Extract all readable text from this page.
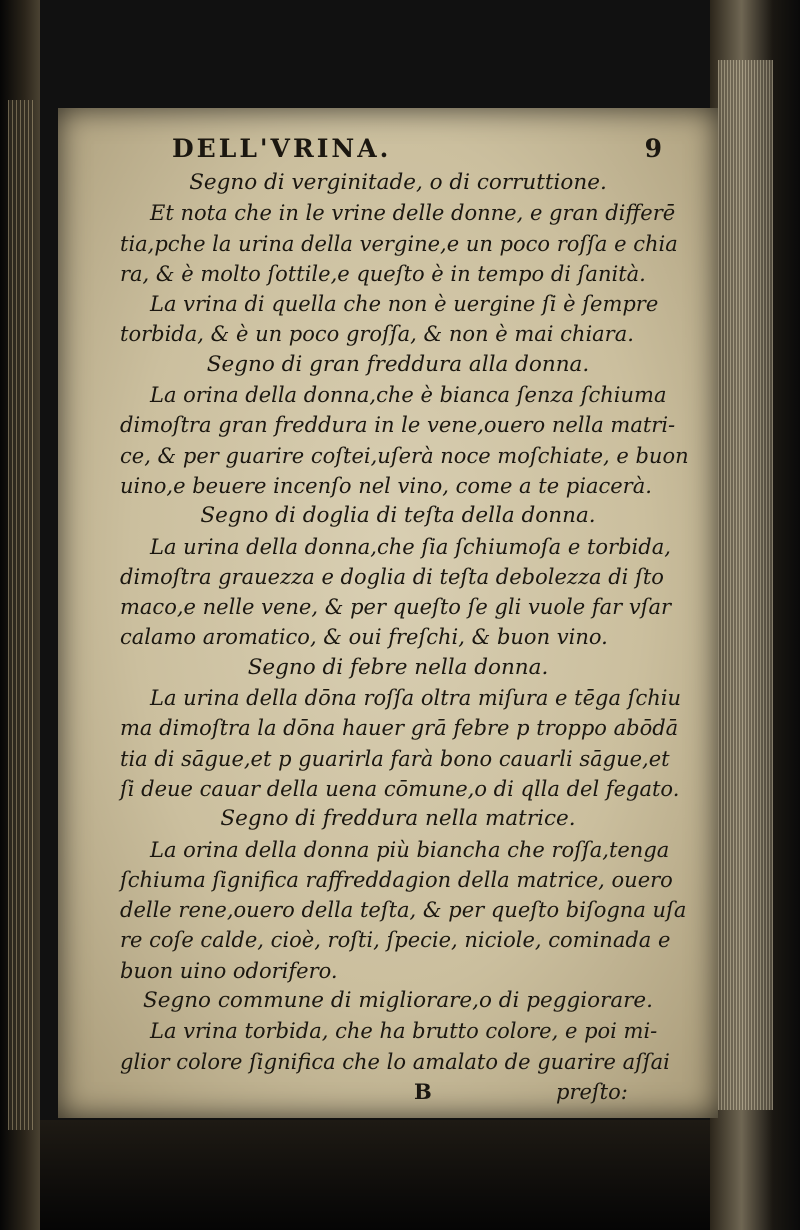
DELL'VRINA.	9
Segno di verginitade, o di corruttione.
Et nota che in le vrine delle donne, e gran differē
tia,pche la urina della vergine,e un poco roſſa e chia
ra, & è molto ſottile,e queſto è in tempo di ſanità.
La vrina di quella che non è uergine ſi è ſempre
torbida, & è un poco groſſa, & non è mai chiara.
Segno di gran freddura alla donna.
La orina della donna,che è bianca ſenza ſchiuma
dimoſtra gran freddura in le vene,ouero nella matri-
ce, & per guarire coſtei,uſerà noce moſchiate, e buon
uino,e beuere incenſo nel vino, come a te piacerà.
Segno di doglia di teſta della donna.
La urina della donna,che ſia ſchiumoſa e torbida,
dimoſtra grauezza e doglia di teſta debolezza di ſto
maco,e nelle vene, & per queſto ſe gli vuole far vſar
calamo aromatico, & oui freſchi, & buon vino.
Segno di febre nella donna.
La urina della dōna roſſa oltra miſura e tēga ſchiu
ma dimoſtra la dōna hauer grā febre p troppo abōdā
tia di sāgue,et p guarirla farà bono cauarli sāgue,et
ſi deue cauar della uena cōmune,o di qlla del fegato.
Segno di freddura nella matrice.
La orina della donna più biancha che roſſa,tenga
ſchiuma ſignifica raffreddagion della matrice, ouero
delle rene,ouero della teſta, & per queſto biſogna uſa
re coſe calde, cioè, roſti, ſpecie, niciole, cominada e
buon uino odorifero.
Segno commune di migliorare,o di peggiorare.
La vrina torbida, che ha brutto colore, e poi mi-
glior colore ſignifica che lo amalato de guarire aſſai
B	preſto:
